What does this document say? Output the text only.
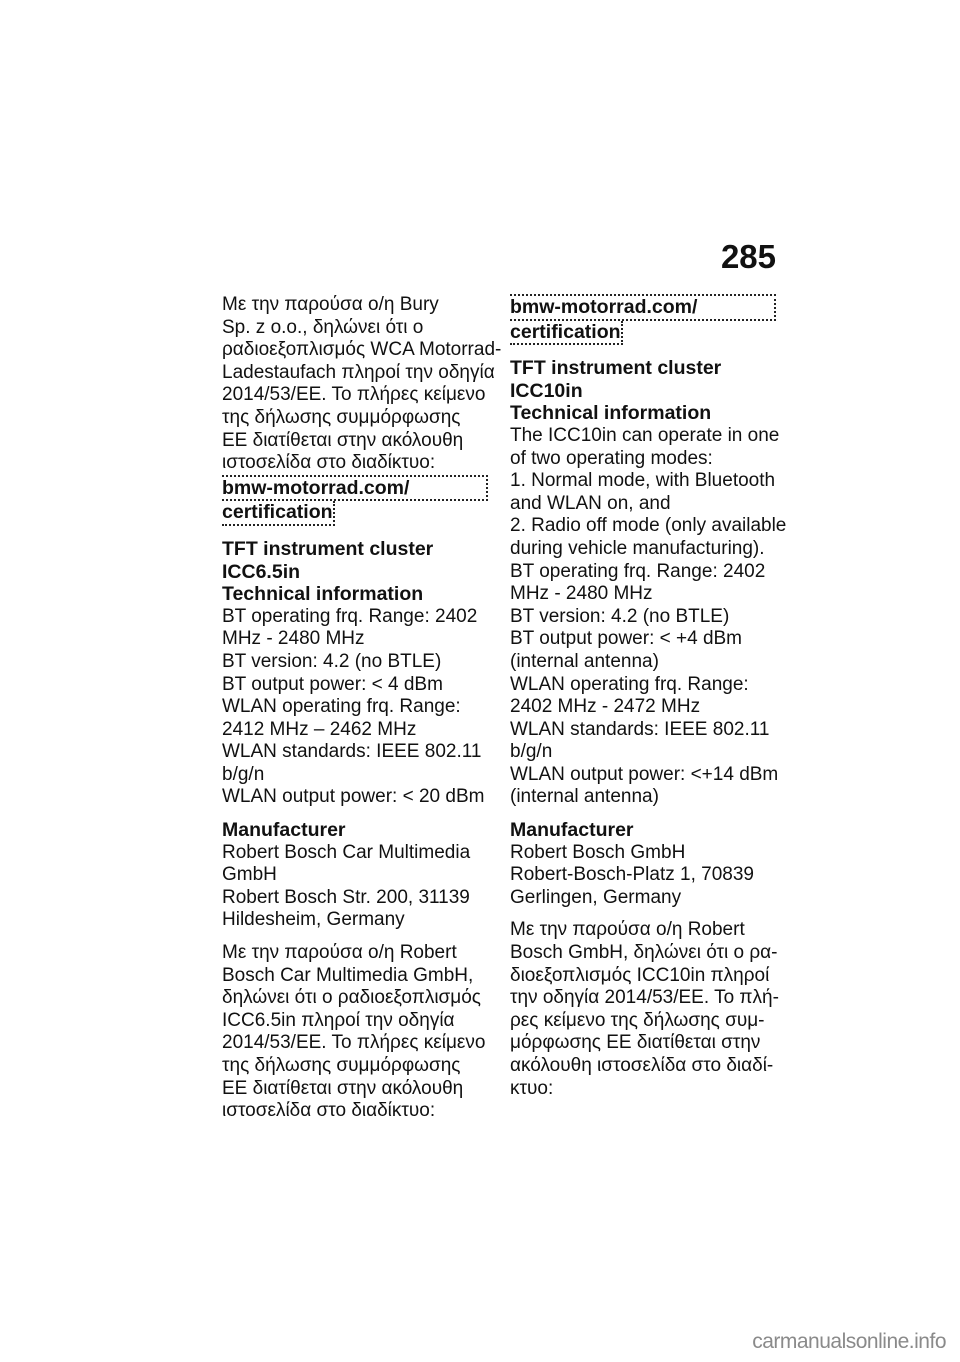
285
Με την παρούσα ο/η Bury
Sp. z o.o., δηλώνει ότι ο
ραδιοεξοπλισμός WCA Motorrad-
Ladestaufach πληροί την οδηγία
2014/53/ΕΕ. Το πλήρες κείμενο
της δήλωσης συμμόρφωσης
ΕΕ διατίθεται στην ακόλουθη
ιστοσελίδα στο διαδίκτυο:
bmw-motorrad.com/
certification
TFT instrument cluster
ICC6.5in
Technical information
BT operating frq. Range: 2402
MHz - 2480 MHz
BT version: 4.2 (no BTLE)
BT output power: < 4 dBm
WLAN operating frq. Range:
2412 MHz – 2462 MHz
WLAN standards: IEEE 802.11
b/g/n
WLAN output power: < 20 dBm
Manufacturer
Robert Bosch Car Multimedia
GmbH
Robert Bosch Str. 200, 31139
Hildesheim, Germany
Με την παρούσα ο/η Robert
Bosch Car Multimedia GmbH,
δηλώνει ότι ο ραδιοεξοπλισμός
ICC6.5in πληροί την οδηγία
2014/53/ΕΕ. Το πλήρες κείμενο
της δήλωσης συμμόρφωσης
ΕΕ διατίθεται στην ακόλουθη
ιστοσελίδα στο διαδίκτυο:
bmw-motorrad.com/
certification
TFT instrument cluster
ICC10in
Technical information
The ICC10in can operate in one
of two operating modes:
1. Normal mode, with Bluetooth
and WLAN on, and
2. Radio off mode (only available
during vehicle manufacturing).
BT operating frq. Range: 2402
MHz - 2480 MHz
BT version: 4.2 (no BTLE)
BT output power: < +4 dBm
(internal antenna)
WLAN operating frq. Range:
2402 MHz - 2472 MHz
WLAN standards: IEEE 802.11
b/g/n
WLAN output power: <+14 dBm
(internal antenna)
Manufacturer
Robert Bosch GmbH
Robert-Bosch-Platz 1, 70839
Gerlingen, Germany
Με την παρούσα ο/η Robert
Bosch GmbH, δηλώνει ότι ο ρα-
διοεξοπλισμός ICC10in πληροί
την οδηγία 2014/53/ΕΕ. Το πλή-
ρες κείμενο της δήλωσης συμ-
μόρφωσης ΕΕ διατίθεται στην
ακόλουθη ιστοσελίδα στο διαδί-
κτυο:
carmanualsonline.info
